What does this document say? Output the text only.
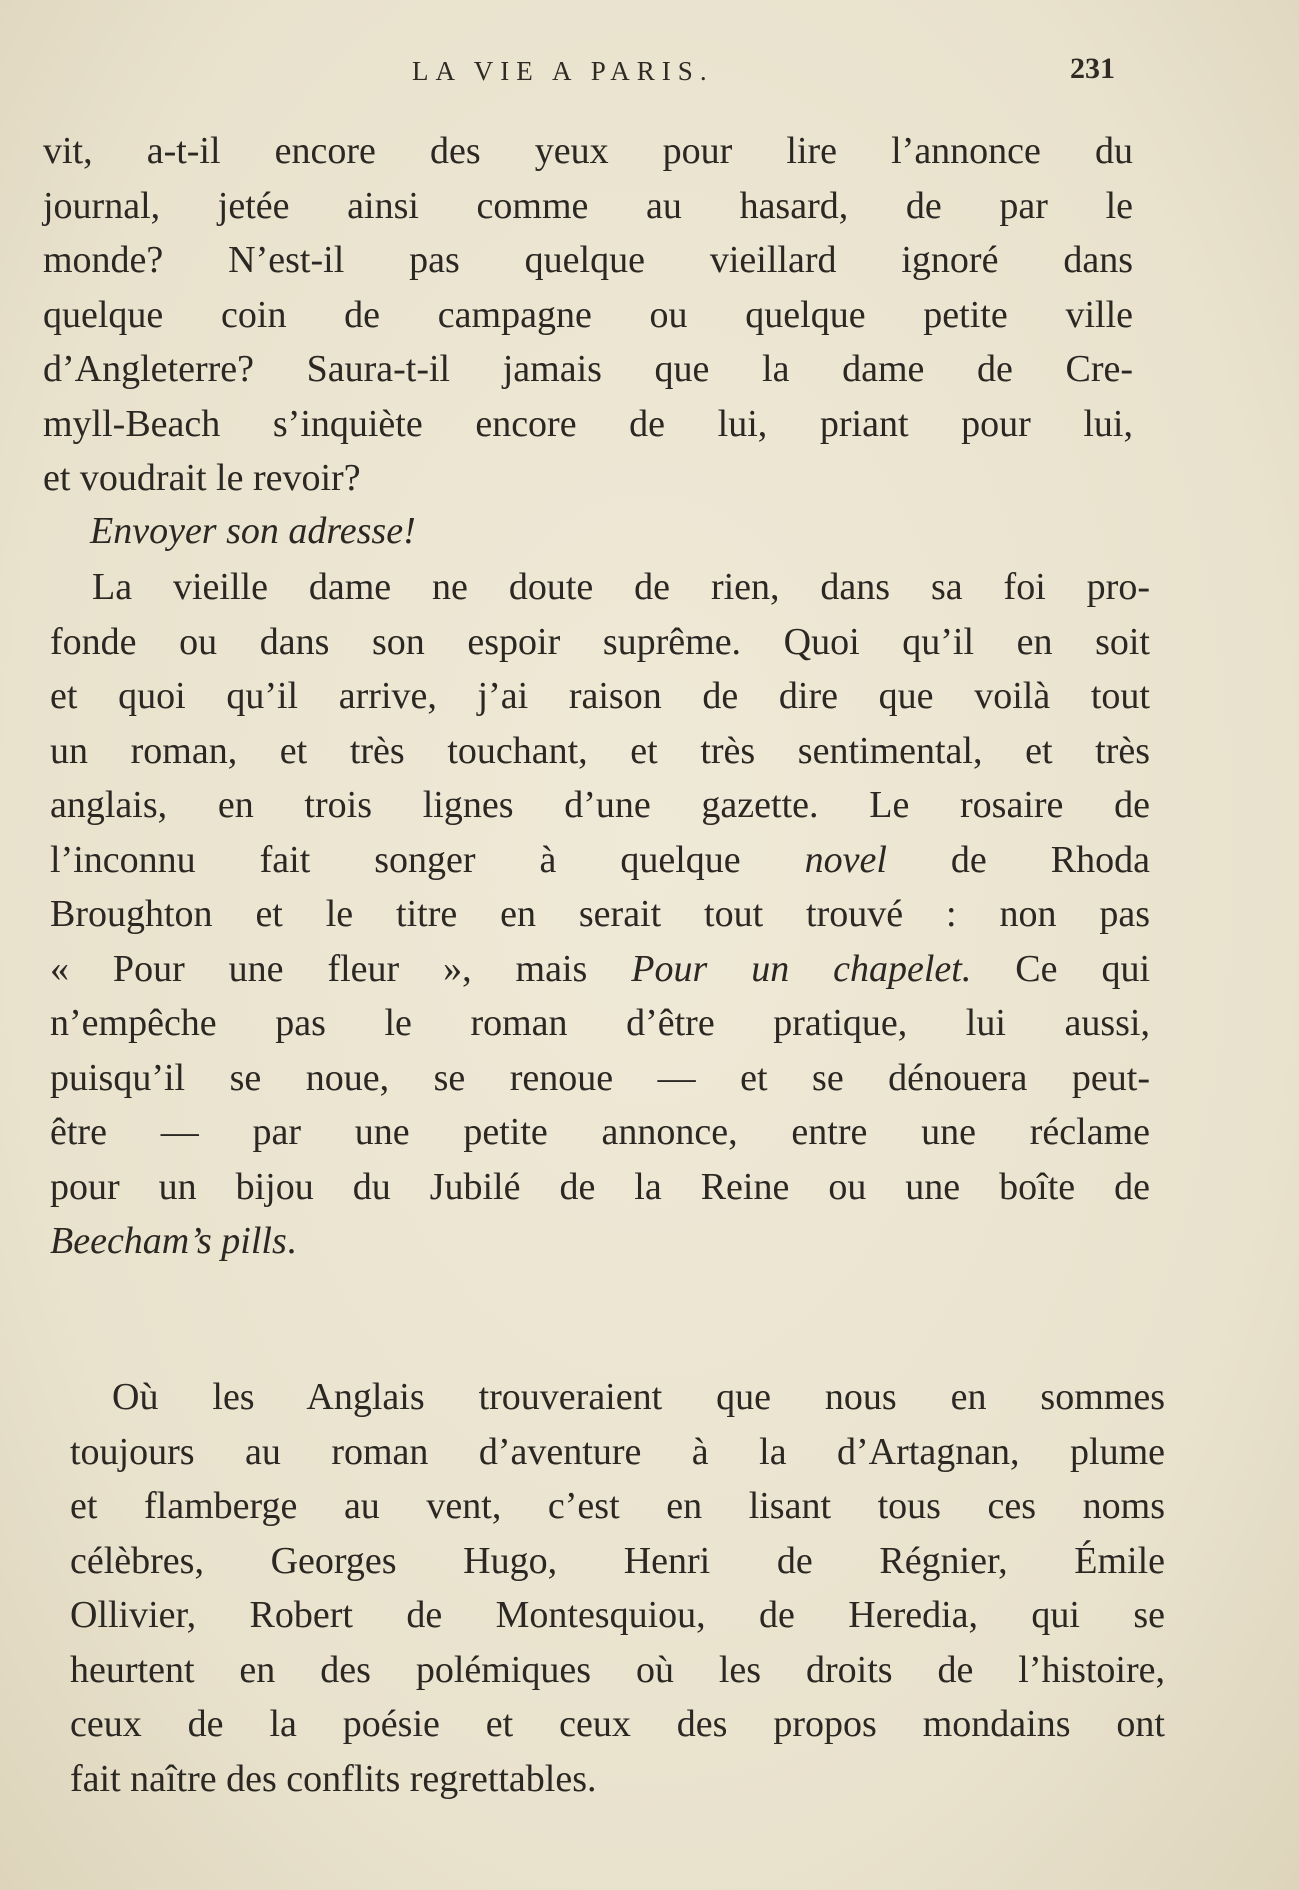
LA VIE A PARIS.	231
vit, a-t-il encore des yeux pour lire l’annonce du
journal, jetée ainsi comme au hasard, de par le
monde? N’est-il pas quelque vieillard ignoré dans
quelque coin de campagne ou quelque petite ville
d’Angleterre? Saura-t-il jamais que la dame de Cre-
myll-Beach s’inquiète encore de lui, priant pour lui,
et voudrait le revoir?
Envoyer son adresse!
La vieille dame ne doute de rien, dans sa foi pro-
fonde ou dans son espoir suprême. Quoi qu’il en soit
et quoi qu’il arrive, j’ai raison de dire que voilà tout
un roman, et très touchant, et très sentimental, et très
anglais, en trois lignes d’une gazette. Le rosaire de
l’inconnu fait songer à quelque novel de Rhoda
Broughton et le titre en serait tout trouvé : non pas
« Pour une fleur », mais Pour un chapelet. Ce qui
n’empêche pas le roman d’être pratique, lui aussi,
puisqu’il se noue, se renoue — et se dénouera peut-
être — par une petite annonce, entre une réclame
pour un bijou du Jubilé de la Reine ou une boîte de
Beecham’s pills.
Où les Anglais trouveraient que nous en sommes
toujours au roman d’aventure à la d’Artagnan, plume
et flamberge au vent, c’est en lisant tous ces noms
célèbres, Georges Hugo, Henri de Régnier, Émile
Ollivier, Robert de Montesquiou, de Heredia, qui se
heurtent en des polémiques où les droits de l’histoire,
ceux de la poésie et ceux des propos mondains ont
fait naître des conflits regrettables.
